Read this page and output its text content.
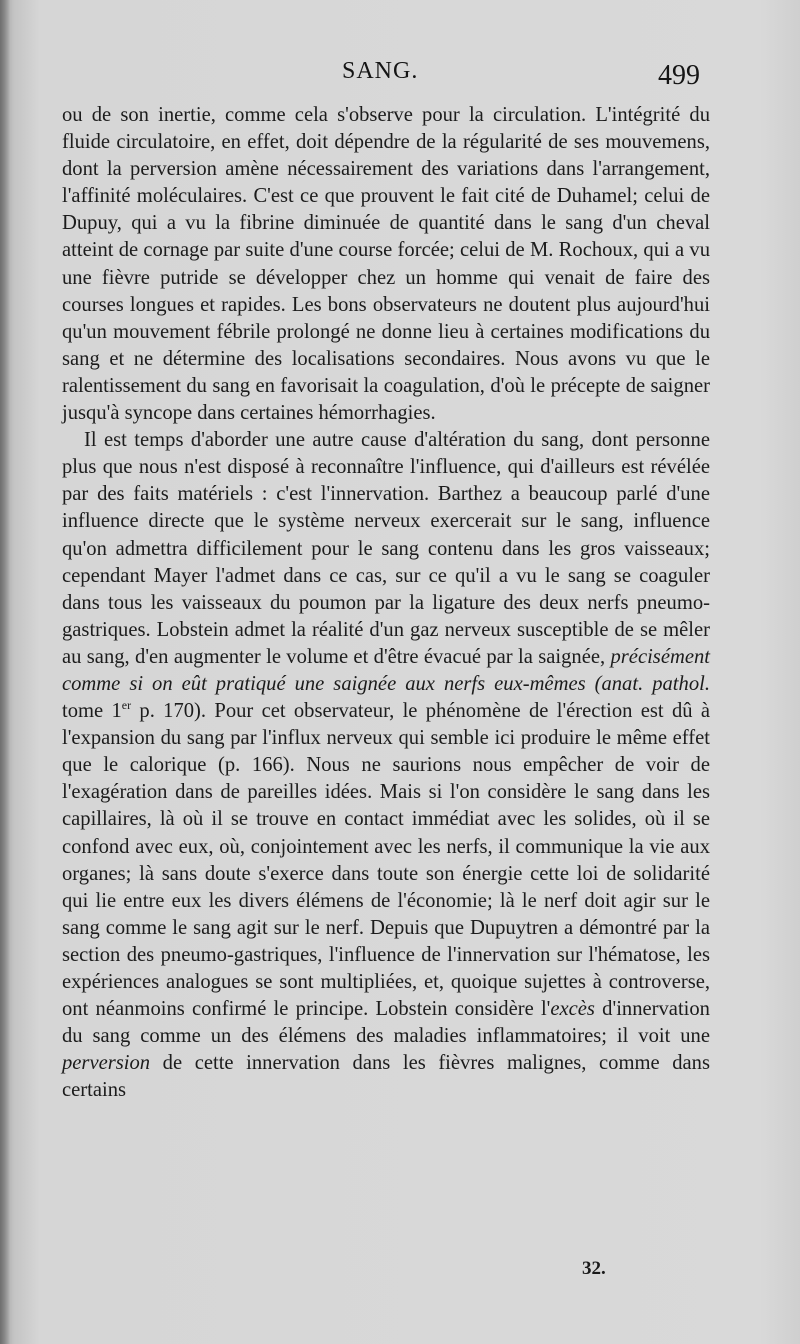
SANG.	499

ou de son inertie, comme cela s'observe pour la circulation. L'intégrité du fluide circulatoire, en effet, doit dépendre de la régularité de ses mouvemens, dont la perversion amène nécessairement des variations dans l'arrangement, l'affinité moléculaires. C'est ce que prouvent le fait cité de Duhamel; celui de Dupuy, qui a vu la fibrine diminuée de quantité dans le sang d'un cheval atteint de cornage par suite d'une course forcée; celui de M. Rochoux, qui a vu une fièvre putride se développer chez un homme qui venait de faire des courses longues et rapides. Les bons observateurs ne doutent plus aujourd'hui qu'un mouvement fébrile prolongé ne donne lieu à certaines modifications du sang et ne détermine des localisations secondaires. Nous avons vu que le ralentissement du sang en favorisait la coagulation, d'où le précepte de saigner jusqu'à syncope dans certaines hémorrhagies.

Il est temps d'aborder une autre cause d'altération du sang, dont personne plus que nous n'est disposé à reconnaître l'influence, qui d'ailleurs est révélée par des faits matériels : c'est l'innervation. Barthez a beaucoup parlé d'une influence directe que le système nerveux exercerait sur le sang, influence qu'on admettra difficilement pour le sang contenu dans les gros vaisseaux; cependant Mayer l'admet dans ce cas, sur ce qu'il a vu le sang se coaguler dans tous les vaisseaux du poumon par la ligature des deux nerfs pneumo-gastriques. Lobstein admet la réalité d'un gaz nerveux susceptible de se mêler au sang, d'en augmenter le volume et d'être évacué par la saignée, précisément comme si on eût pratiqué une saignée aux nerfs eux-mêmes (anat. pathol. tome 1er p. 170). Pour cet observateur, le phénomène de l'érection est dû à l'expansion du sang par l'influx nerveux qui semble ici produire le même effet que le calorique (p. 166). Nous ne saurions nous empêcher de voir de l'exagération dans de pareilles idées. Mais si l'on considère le sang dans les capillaires, là où il se trouve en contact immédiat avec les solides, où il se confond avec eux, où, conjointement avec les nerfs, il communique la vie aux organes; là sans doute s'exerce dans toute son énergie cette loi de solidarité qui lie entre eux les divers élémens de l'économie; là le nerf doit agir sur le sang comme le sang agit sur le nerf. Depuis que Dupuytren a démontré par la section des pneumo-gastriques, l'influence de l'innervation sur l'hématose, les expériences analogues se sont multipliées, et, quoique sujettes à controverse, ont néanmoins confirmé le principe. Lobstein considère l'excès d'innervation du sang comme un des élémens des maladies inflammatoires; il voit une perversion de cette innervation dans les fièvres malignes, comme dans certains

32.
